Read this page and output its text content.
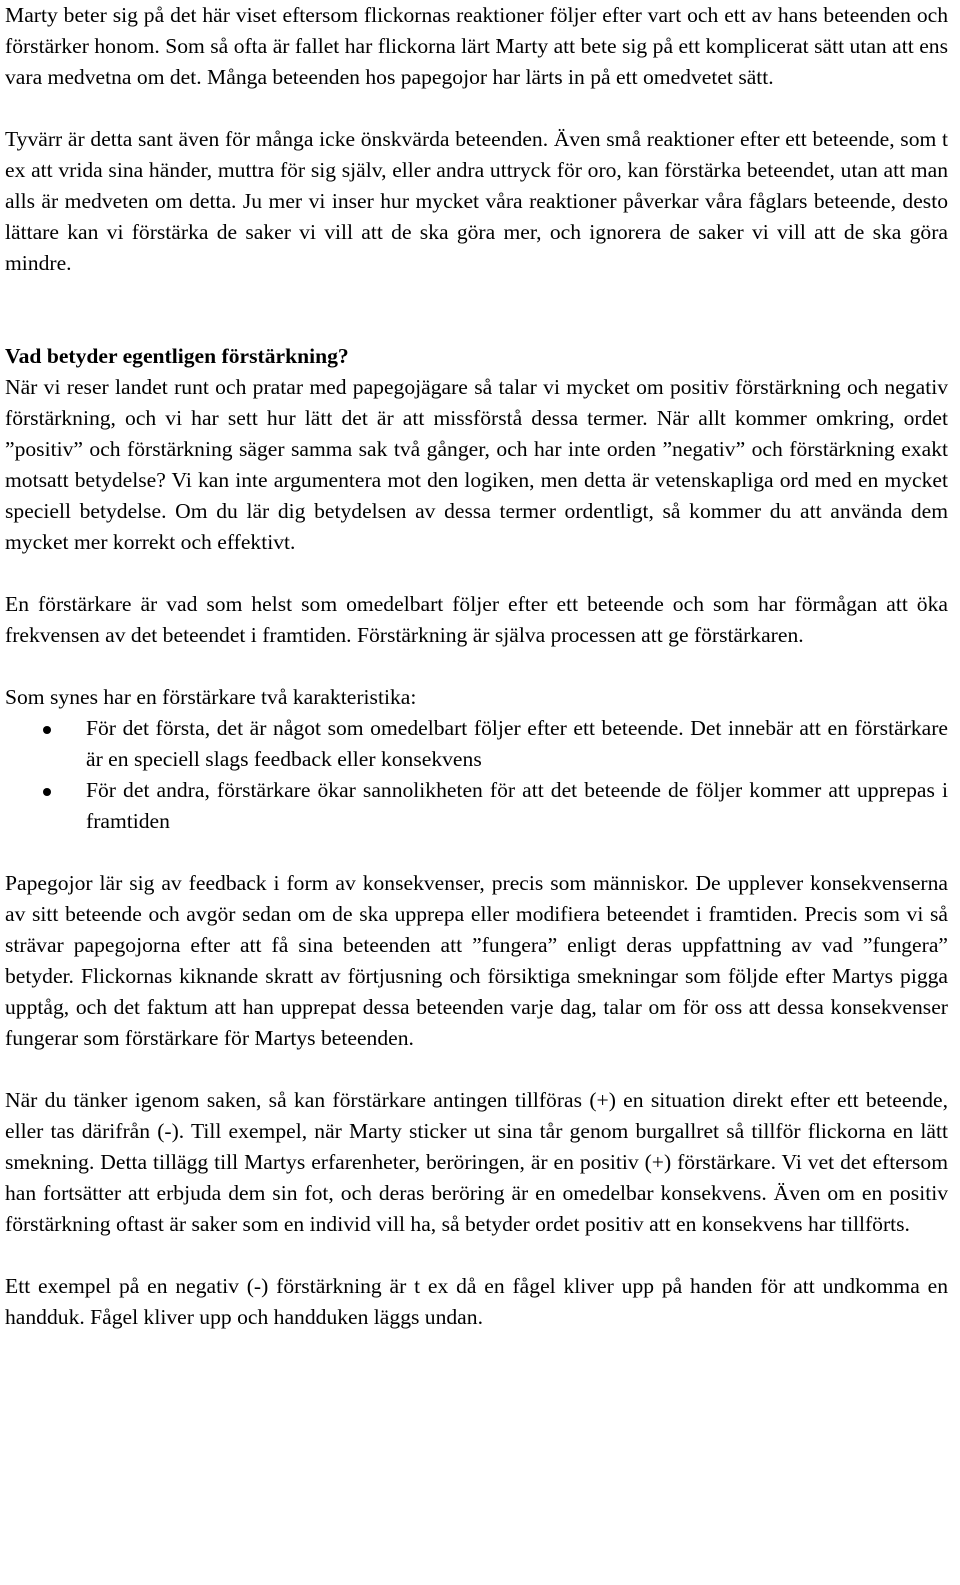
Marty beter sig på det här viset eftersom flickornas reaktioner följer efter vart och ett av hans beteenden och förstärker honom. Som så ofta är fallet har flickorna lärt Marty att bete sig på ett komplicerat sätt utan att ens vara medvetna om det. Många beteenden hos papegojor har lärts in på ett omedvetet sätt.

Tyvärr är detta sant även för många icke önskvärda beteenden. Även små reaktioner efter ett beteende, som t ex att vrida sina händer, muttra för sig själv, eller andra uttryck för oro, kan förstärka beteendet, utan att man alls är medveten om detta. Ju mer vi inser hur mycket våra reaktioner påverkar våra fåglars beteende, desto lättare kan vi förstärka de saker vi vill att de ska göra mer, och ignorera de saker vi vill att de ska göra mindre.

Vad betyder egentligen förstärkning?

När vi reser landet runt och pratar med papegojägare så talar vi mycket om positiv förstärkning och negativ förstärkning, och vi har sett hur lätt det är att missförstå dessa termer. När allt kommer omkring, ordet ”positiv” och förstärkning säger samma sak två gånger, och har inte orden ”negativ” och förstärkning exakt motsatt betydelse? Vi kan inte argumentera mot den logiken, men detta är vetenskapliga ord med en mycket speciell betydelse. Om du lär dig betydelsen av dessa termer ordentligt, så kommer du att använda dem mycket mer korrekt och effektivt.

En förstärkare är vad som helst som omedelbart följer efter ett beteende och som har förmågan att öka frekvensen av det beteendet i framtiden. Förstärkning är själva processen att ge förstärkaren.

Som synes har en förstärkare två karakteristika:

För det första, det är något som omedelbart följer efter ett beteende. Det innebär att en förstärkare är en speciell slags feedback eller konsekvens
För det andra, förstärkare ökar sannolikheten för att det beteende de följer kommer att upprepas i framtiden

Papegojor lär sig av feedback i form av konsekvenser, precis som människor. De upplever konsekvenserna av sitt beteende och avgör sedan om de ska upprepa eller modifiera beteendet i framtiden. Precis som vi så strävar papegojorna efter att få sina beteenden att ”fungera” enligt deras uppfattning av vad ”fungera” betyder. Flickornas kiknande skratt av förtjusning och försiktiga smekningar som följde efter Martys pigga upptåg, och det faktum att han upprepat dessa beteenden varje dag, talar om för oss att dessa konsekvenser fungerar som förstärkare för Martys beteenden.

När du tänker igenom saken, så kan förstärkare antingen tillföras (+) en situation direkt efter ett beteende, eller tas därifrån (-). Till exempel, när Marty sticker ut sina tår genom burgallret så tillför flickorna en lätt smekning. Detta tillägg till Martys erfarenheter, beröringen, är en positiv (+) förstärkare. Vi vet det eftersom han fortsätter att erbjuda dem sin fot, och deras beröring är en omedelbar konsekvens. Även om en positiv förstärkning oftast är saker som en individ vill ha, så betyder ordet positiv att en konsekvens har tillförts.

Ett exempel på en negativ (-) förstärkning är t ex då en fågel kliver upp på handen för att undkomma en handduk. Fågel kliver upp och handduken läggs undan.
